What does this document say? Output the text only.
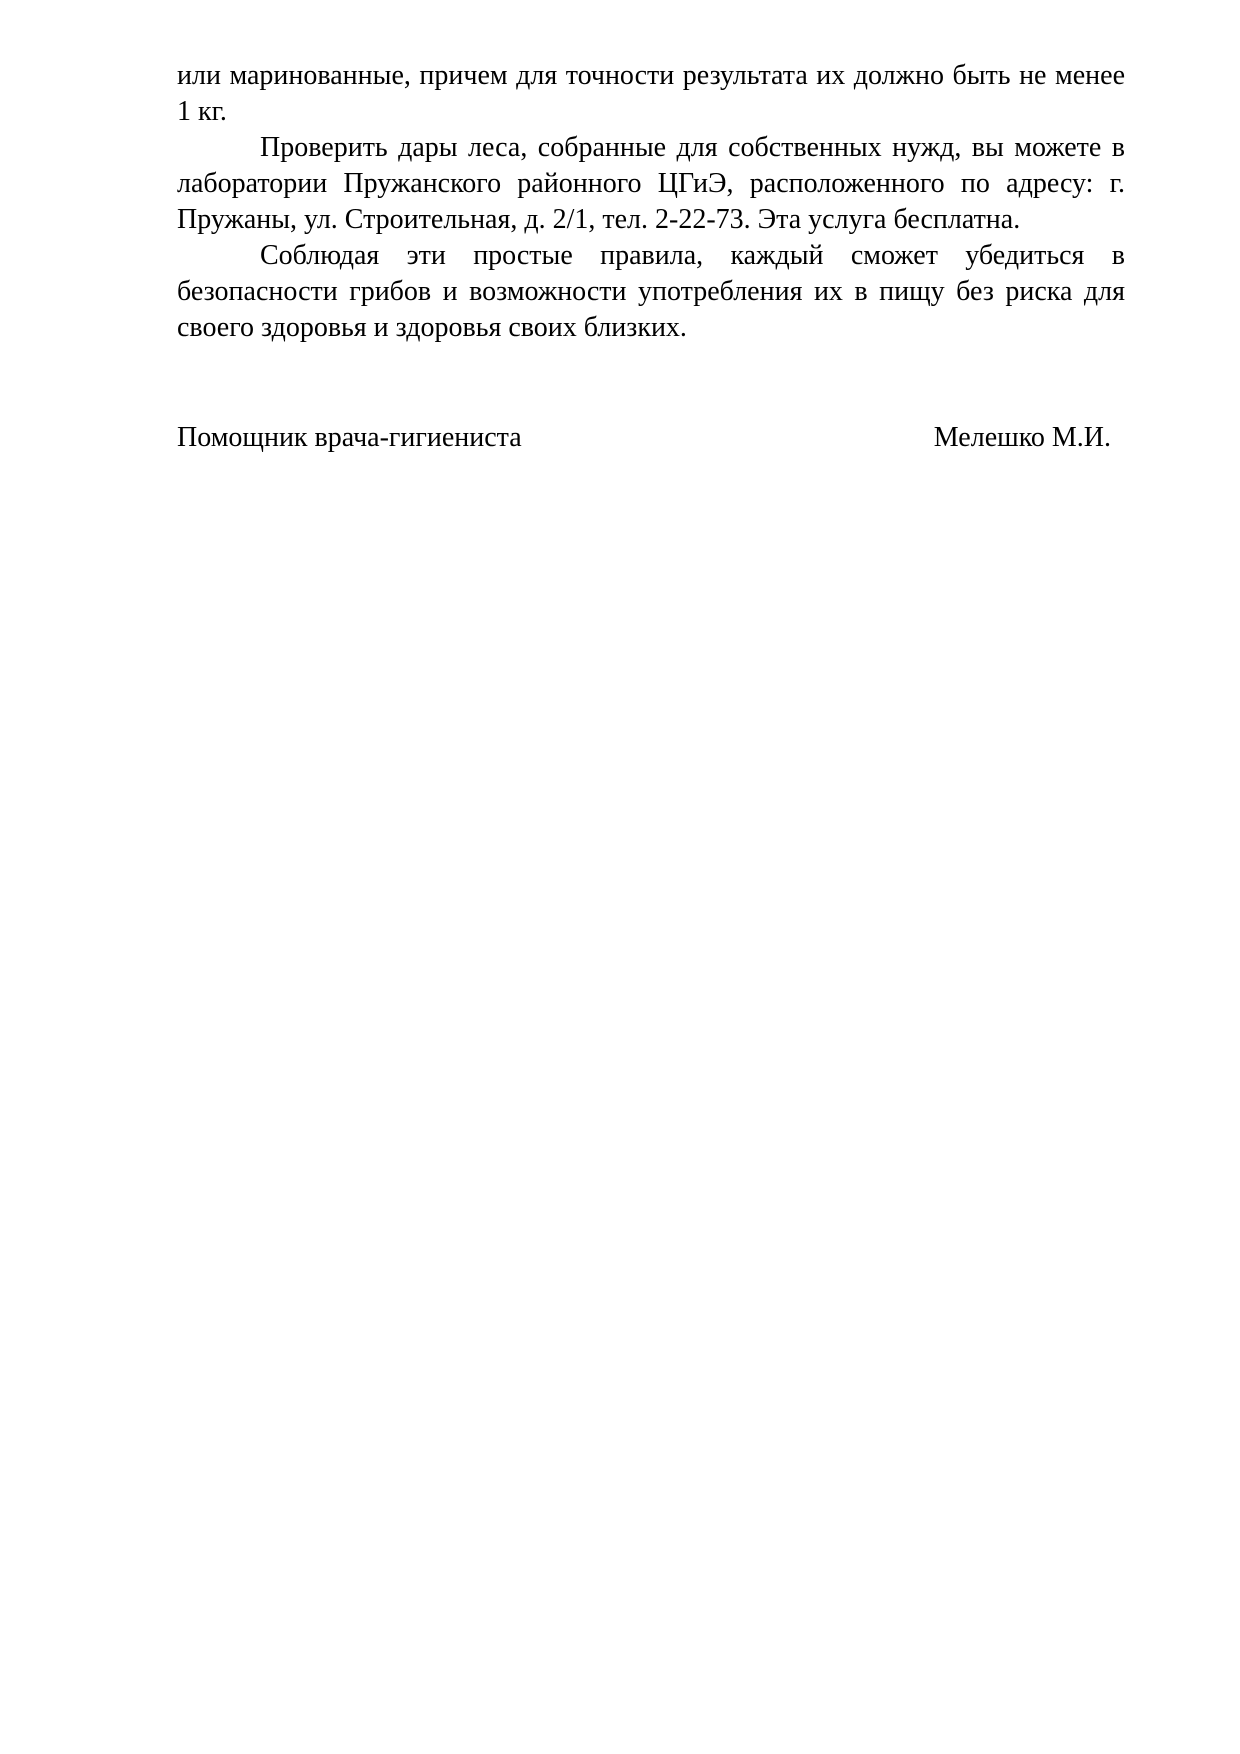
или маринованные, причем для точности результата их должно быть не менее 1 кг.

Проверить дары леса, собранные для собственных нужд, вы можете в лаборатории Пружанского районного ЦГиЭ, расположенного по адресу: г. Пружаны, ул. Строительная, д. 2/1, тел. 2-22-73. Эта услуга бесплатна.

Соблюдая эти простые правила, каждый сможет убедиться в безопасности грибов и возможности употребления их в пищу без риска для своего здоровья и здоровья своих близких.

Помощник врача-гигиениста	Мелешко М.И.
